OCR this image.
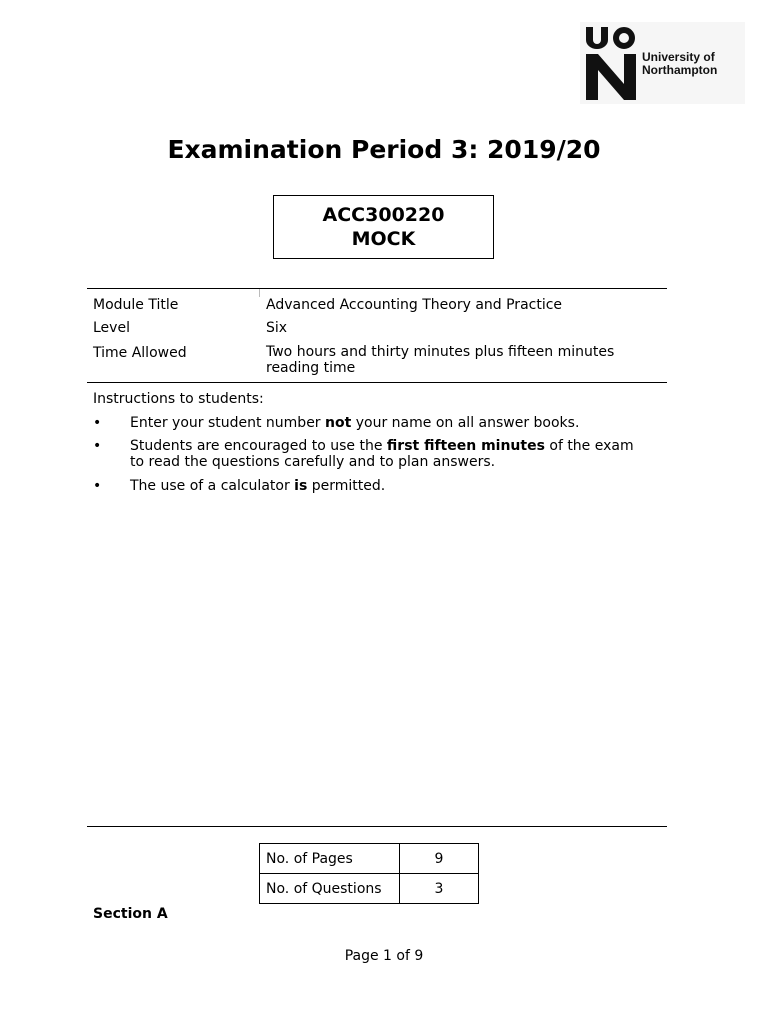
University of
Northampton
Examination Period 3: 2019/20
ACC300220
MOCK
Module Title	Advanced Accounting Theory and Practice
Level	Six
Time Allowed	Two hours and thirty minutes plus fifteen minutes reading time
Instructions to students:
• Enter your student number not your name on all answer books.
• Students are encouraged to use the first fifteen minutes of the exam to read the questions carefully and to plan answers.
• The use of a calculator is permitted.
No. of Pages	9
No. of Questions	3
Section A
Page 1 of 9
